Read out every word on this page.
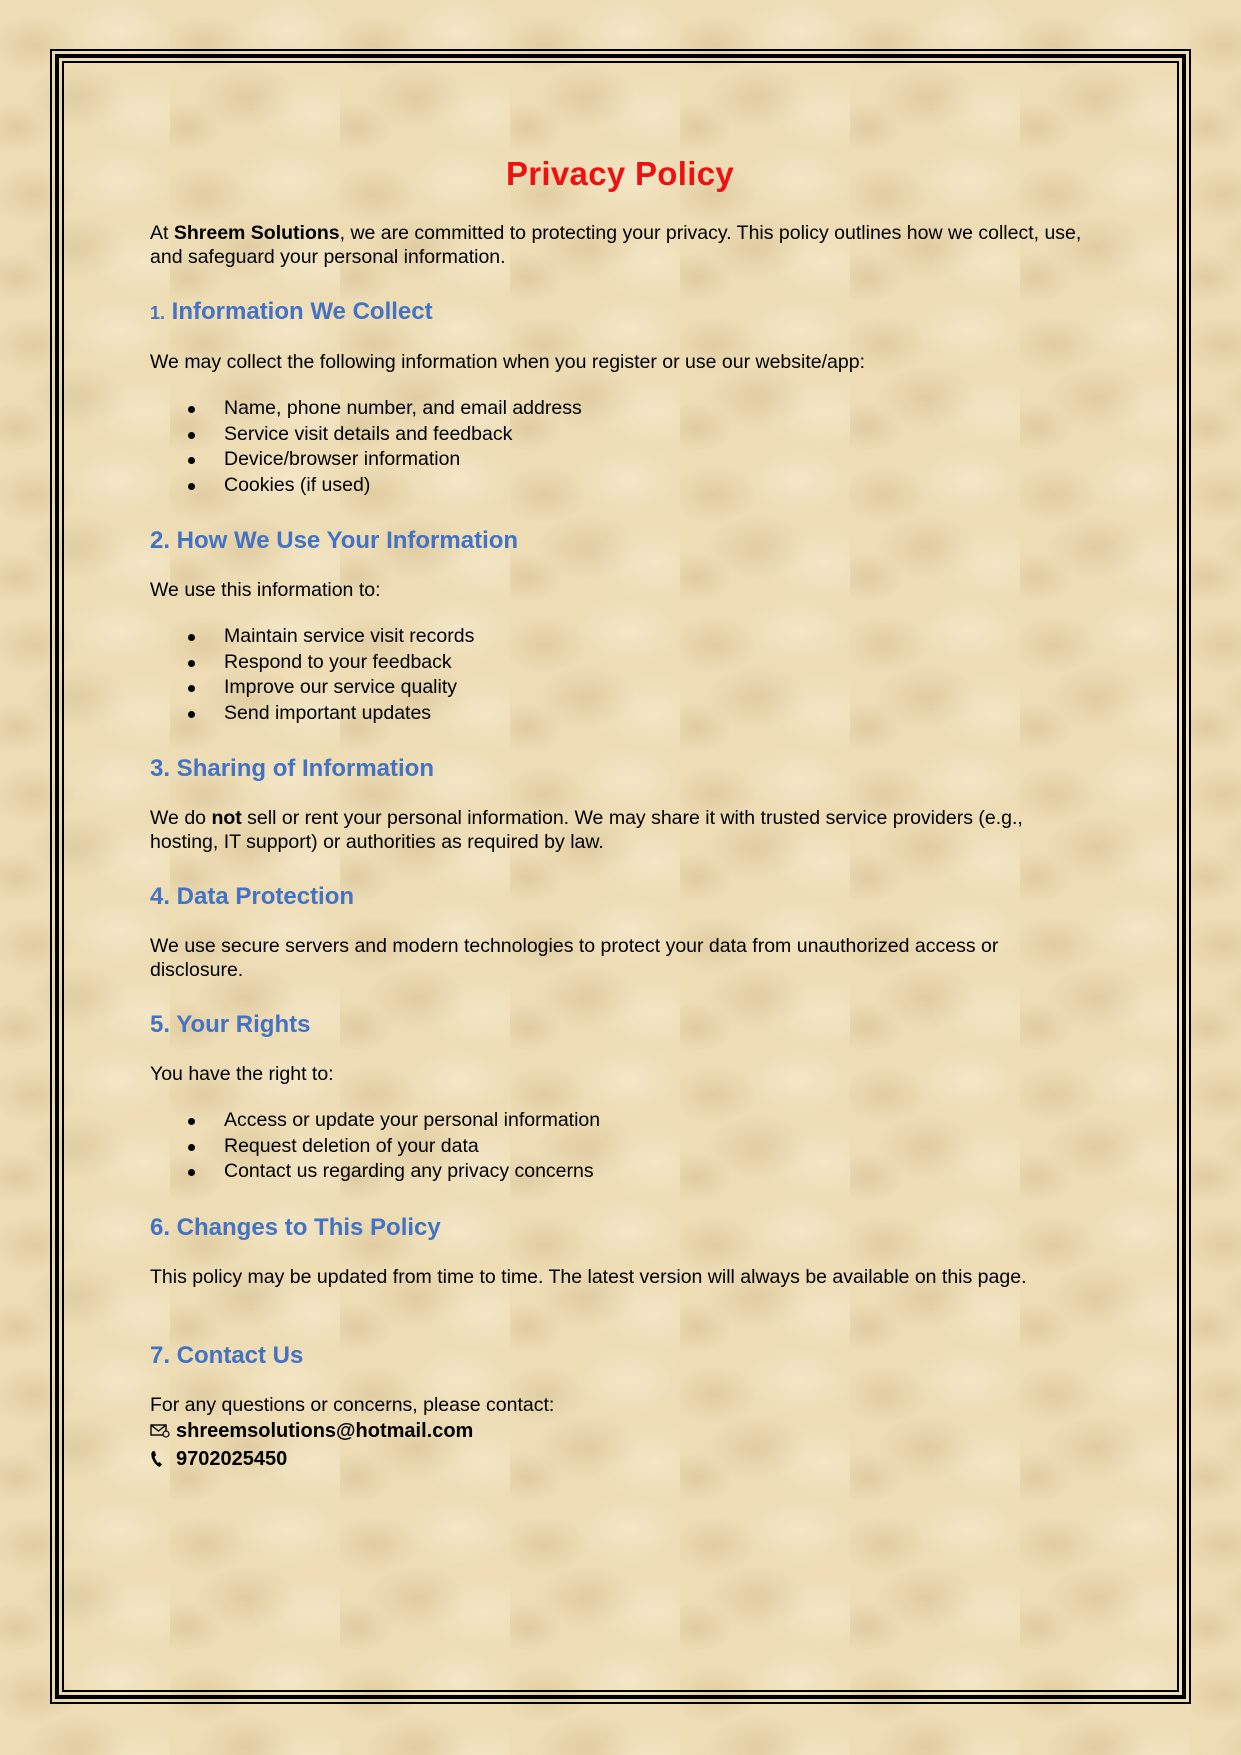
Privacy Policy

At Shreem Solutions, we are committed to protecting your privacy. This policy outlines how we collect, use, and safeguard your personal information.

1. Information We Collect

We may collect the following information when you register or use our website/app:

Name, phone number, and email address
Service visit details and feedback
Device/browser information
Cookies (if used)
2. How We Use Your Information

We use this information to:

Maintain service visit records
Respond to your feedback
Improve our service quality
Send important updates
3. Sharing of Information

We do not sell or rent your personal information. We may share it with trusted service providers (e.g., hosting, IT support) or authorities as required by law.

4. Data Protection

We use secure servers and modern technologies to protect your data from unauthorized access or disclosure.

5. Your Rights

You have the right to:

Access or update your personal information
Request deletion of your data
Contact us regarding any privacy concerns
6. Changes to This Policy

This policy may be updated from time to time. The latest version will always be available on this page.

7. Contact Us

For any questions or concerns, please contact:

shreemsolutions@hotmail.com
9702025450
